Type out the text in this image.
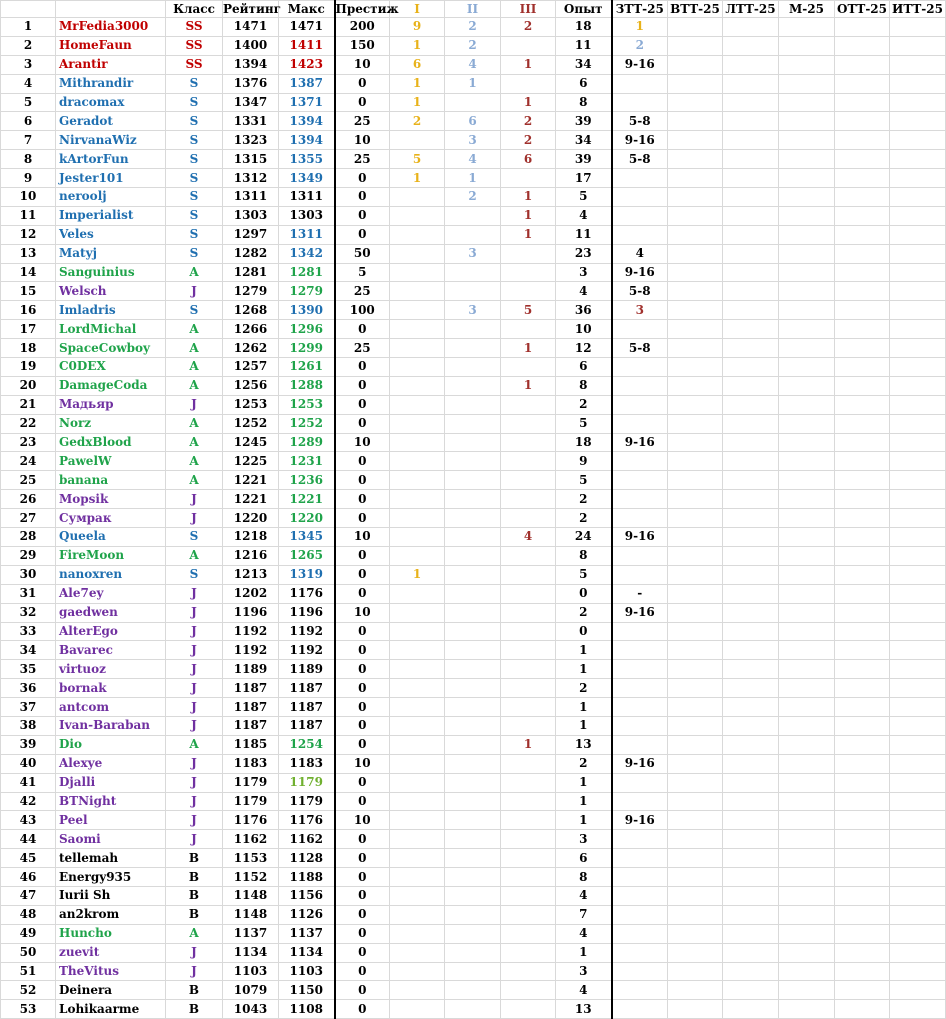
		Класс	Рейтинг	Макс	Престиж	I	II	III	Опыт	ЗТТ-25	ВТТ-25	ЛТТ-25	М-25	ОТТ-25	ИТТ-25
1	MrFedia3000	SS	1471	1471	200	9	2	2	18	1					
2	HomeFaun	SS	1400	1411	150	1	2		11	2					
3	Arantir	SS	1394	1423	10	6	4	1	34	9-16					
4	Mithrandir	S	1376	1387	0	1	1		6						
5	dracomax	S	1347	1371	0	1		1	8						
6	Geradot	S	1331	1394	25	2	6	2	39	5-8					
7	NirvanaWiz	S	1323	1394	10		3	2	34	9-16					
8	kArtorFun	S	1315	1355	25	5	4	6	39	5-8					
9	Jester101	S	1312	1349	0	1	1		17						
10	neroolj	S	1311	1311	0		2	1	5						
11	Imperialist	S	1303	1303	0			1	4						
12	Veles	S	1297	1311	0			1	11						
13	Matyj	S	1282	1342	50		3		23	4					
14	Sanguinius	A	1281	1281	5				3	9-16					
15	Welsch	J	1279	1279	25				4	5-8					
16	Imladris	S	1268	1390	100		3	5	36	3					
17	LordMichal	A	1266	1296	0				10						
18	SpaceCowboy	A	1262	1299	25			1	12	5-8					
19	C0DEX	A	1257	1261	0				6						
20	DamageCoda	A	1256	1288	0			1	8						
21	Мадьяр	J	1253	1253	0				2						
22	Norz	A	1252	1252	0				5						
23	GedxBlood	A	1245	1289	10				18	9-16					
24	PawelW	A	1225	1231	0				9						
25	banana	A	1221	1236	0				5						
26	Mopsik	J	1221	1221	0				2						
27	Сумрак	J	1220	1220	0				2						
28	Queela	S	1218	1345	10			4	24	9-16					
29	FireMoon	A	1216	1265	0				8						
30	nanoxren	S	1213	1319	0	1			5						
31	Ale7ey	J	1202	1176	0				0	-					
32	gaedwen	J	1196	1196	10				2	9-16					
33	AlterEgo	J	1192	1192	0				0						
34	Bavarec	J	1192	1192	0				1						
35	virtuoz	J	1189	1189	0				1						
36	bornak	J	1187	1187	0				2						
37	antcom	J	1187	1187	0				1						
38	Ivan-Baraban	J	1187	1187	0				1						
39	Dio	A	1185	1254	0			1	13						
40	Alexye	J	1183	1183	10				2	9-16					
41	Djalli	J	1179	1179	0				1						
42	BTNight	J	1179	1179	0				1						
43	Peel	J	1176	1176	10				1	9-16					
44	Saomi	J	1162	1162	0				3						
45	tellemah	B	1153	1128	0				6						
46	Energy935	B	1152	1188	0				8						
47	Iurii Sh	B	1148	1156	0				4						
48	an2krom	B	1148	1126	0				7						
49	Huncho	A	1137	1137	0				4						
50	zuevit	J	1134	1134	0				1						
51	TheVitus	J	1103	1103	0				3						
52	Deinera	B	1079	1150	0				4						
53	Lohikaarme	B	1043	1108	0				13						
